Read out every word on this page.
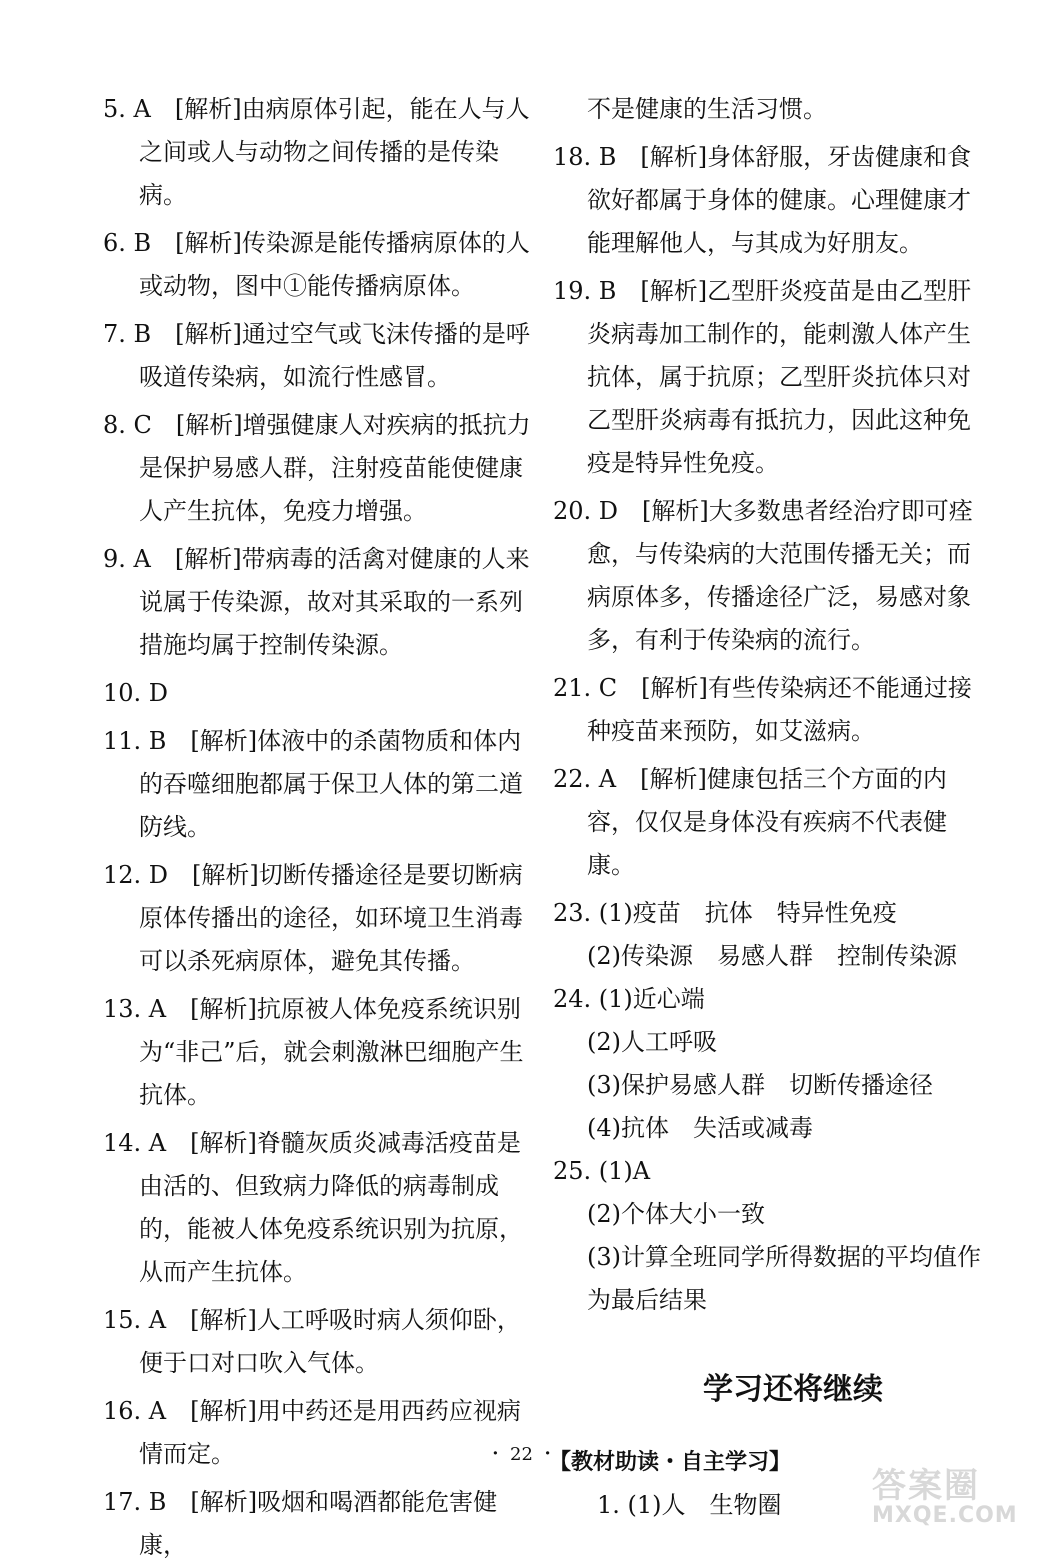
5. A　[解析]由病原体引起，能在人与人之间或人与动物之间传播的是传染病。

6. B　[解析]传染源是能传播病原体的人或动物，图中①能传播病原体。

7. B　[解析]通过空气或飞沫传播的是呼吸道传染病，如流行性感冒。

8. C　[解析]增强健康人对疾病的抵抗力是保护易感人群，注射疫苗能使健康人产生抗体，免疫力增强。

9. A　[解析]带病毒的活禽对健康的人来说属于传染源，故对其采取的一系列措施均属于控制传染源。

10. D

11. B　[解析]体液中的杀菌物质和体内的吞噬细胞都属于保卫人体的第二道防线。

12. D　[解析]切断传播途径是要切断病原体传播出的途径，如环境卫生消毒可以杀死病原体，避免其传播。

13. A　[解析]抗原被人体免疫系统识别为“非己”后，就会刺激淋巴细胞产生抗体。

14. A　[解析]脊髓灰质炎减毒活疫苗是由活的、但致病力降低的病毒制成的，能被人体免疫系统识别为抗原，从而产生抗体。

15. A　[解析]人工呼吸时病人须仰卧，便于口对口吹入气体。

16. A　[解析]用中药还是用西药应视病情而定。

17. B　[解析]吸烟和喝酒都能危害健康，

不是健康的生活习惯。

18. B　[解析]身体舒服，牙齿健康和食欲好都属于身体的健康。心理健康才能理解他人，与其成为好朋友。

19. B　[解析]乙型肝炎疫苗是由乙型肝炎病毒加工制作的，能刺激人体产生抗体，属于抗原；乙型肝炎抗体只对乙型肝炎病毒有抵抗力，因此这种免疫是特异性免疫。

20. D　[解析]大多数患者经治疗即可痊愈，与传染病的大范围传播无关；而病原体多，传播途径广泛，易感对象多，有利于传染病的流行。

21. C　[解析]有些传染病还不能通过接种疫苗来预防，如艾滋病。

22. A　[解析]健康包括三个方面的内容，仅仅是身体没有疾病不代表健康。

23. (1)疫苗　抗体　特异性免疫

(2)传染源　易感人群　控制传染源

24. (1)近心端

(2)人工呼吸

(3)保护易感人群　切断传播途径

(4)抗体　失活或减毒

25. (1)A

(2)个体大小一致

(3)计算全班同学所得数据的平均值作为最后结果

学习还将继续
【教材助读・自主学习】

1. (1)人　生物圈

・ 22 ・
答案圈
MXQE.COM
